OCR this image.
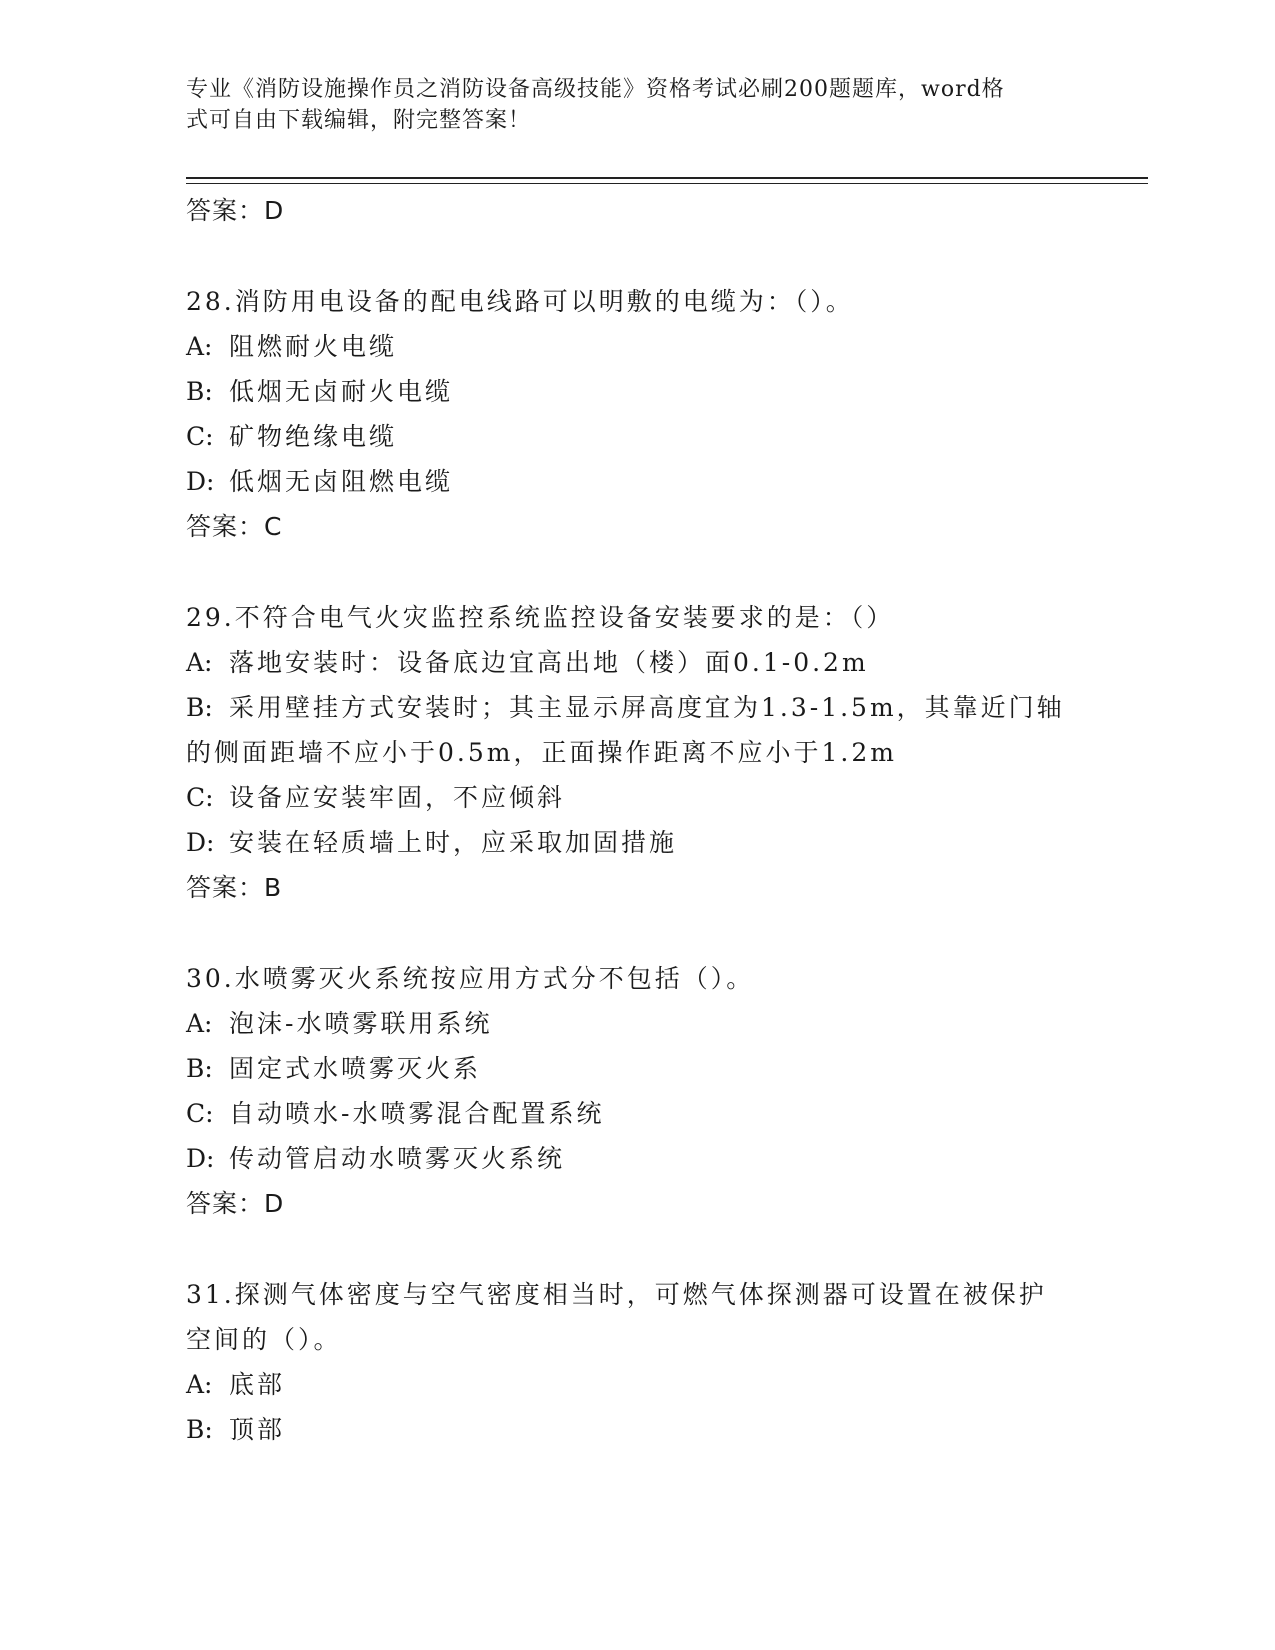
专业《消防设施操作员之消防设备高级技能》资格考试必刷200题题库，word格
式可自由下载编辑，附完整答案！
答案：D
28.消防用电设备的配电线路可以明敷的电缆为：（）。
A: 阻燃耐火电缆
B: 低烟无卤耐火电缆
C: 矿物绝缘电缆
D: 低烟无卤阻燃电缆
答案：C
29.不符合电气火灾监控系统监控设备安装要求的是：（）
A: 落地安装时：设备底边宜高出地（楼）面0.1-0.2m
B: 采用壁挂方式安装时；其主显示屏高度宜为1.3-1.5m，其靠近门轴
的侧面距墙不应小于0.5m，正面操作距离不应小于1.2m
C: 设备应安装牢固，不应倾斜
D: 安装在轻质墙上时，应采取加固措施
答案：B
30.水喷雾灭火系统按应用方式分不包括（）。
A: 泡沫-水喷雾联用系统
B: 固定式水喷雾灭火系
C: 自动喷水-水喷雾混合配置系统
D: 传动管启动水喷雾灭火系统
答案：D
31.探测气体密度与空气密度相当时，可燃气体探测器可设置在被保护
空间的（）。
A: 底部
B: 顶部
